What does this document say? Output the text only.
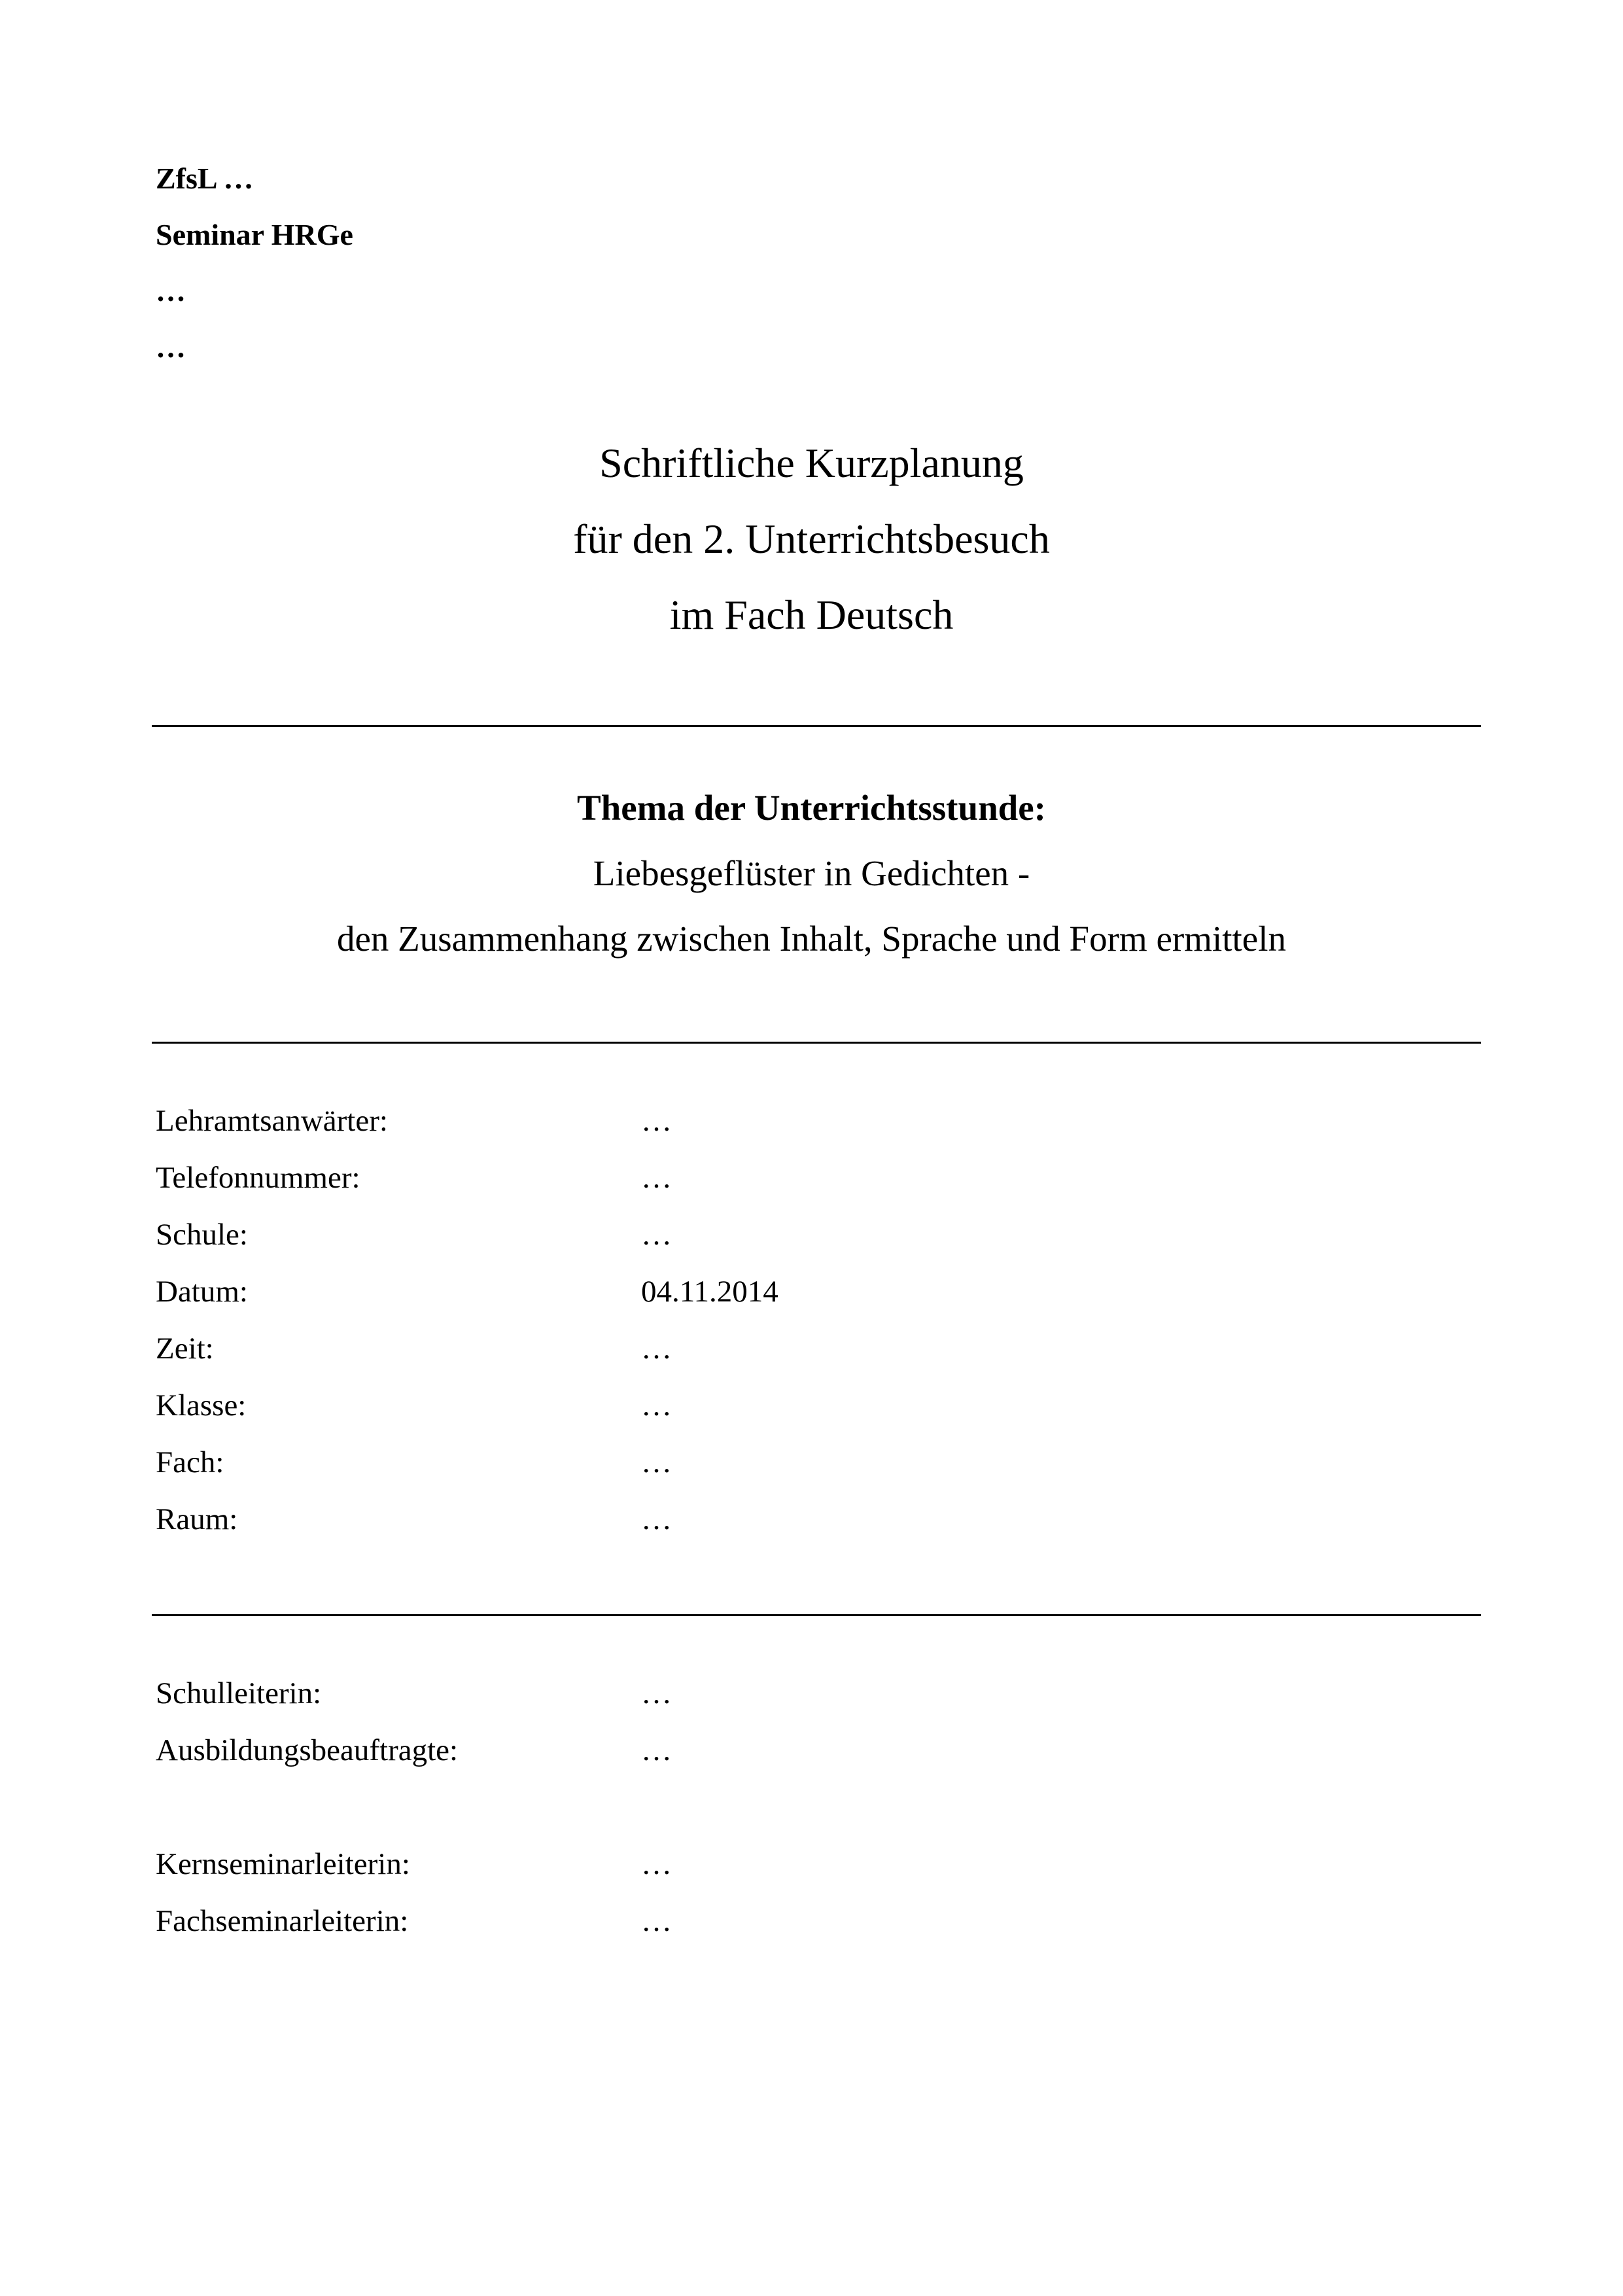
ZfsL …
Seminar HRGe
…
…
Schriftliche Kurzplanung
für den 2. Unterrichtsbesuch
im Fach Deutsch
Thema der Unterrichtsstunde:
Liebesgeflüster in Gedichten -
den Zusammenhang zwischen Inhalt, Sprache und Form ermitteln
Lehramtsanwärter:	…
Telefonnummer:	…
Schule:	…
Datum:	04.11.2014
Zeit:	…
Klasse:	…
Fach:	…
Raum:	…
Schulleiterin:	…
Ausbildungsbeauftragte:	…
Kernseminarleiterin:	…
Fachseminarleiterin:	…
